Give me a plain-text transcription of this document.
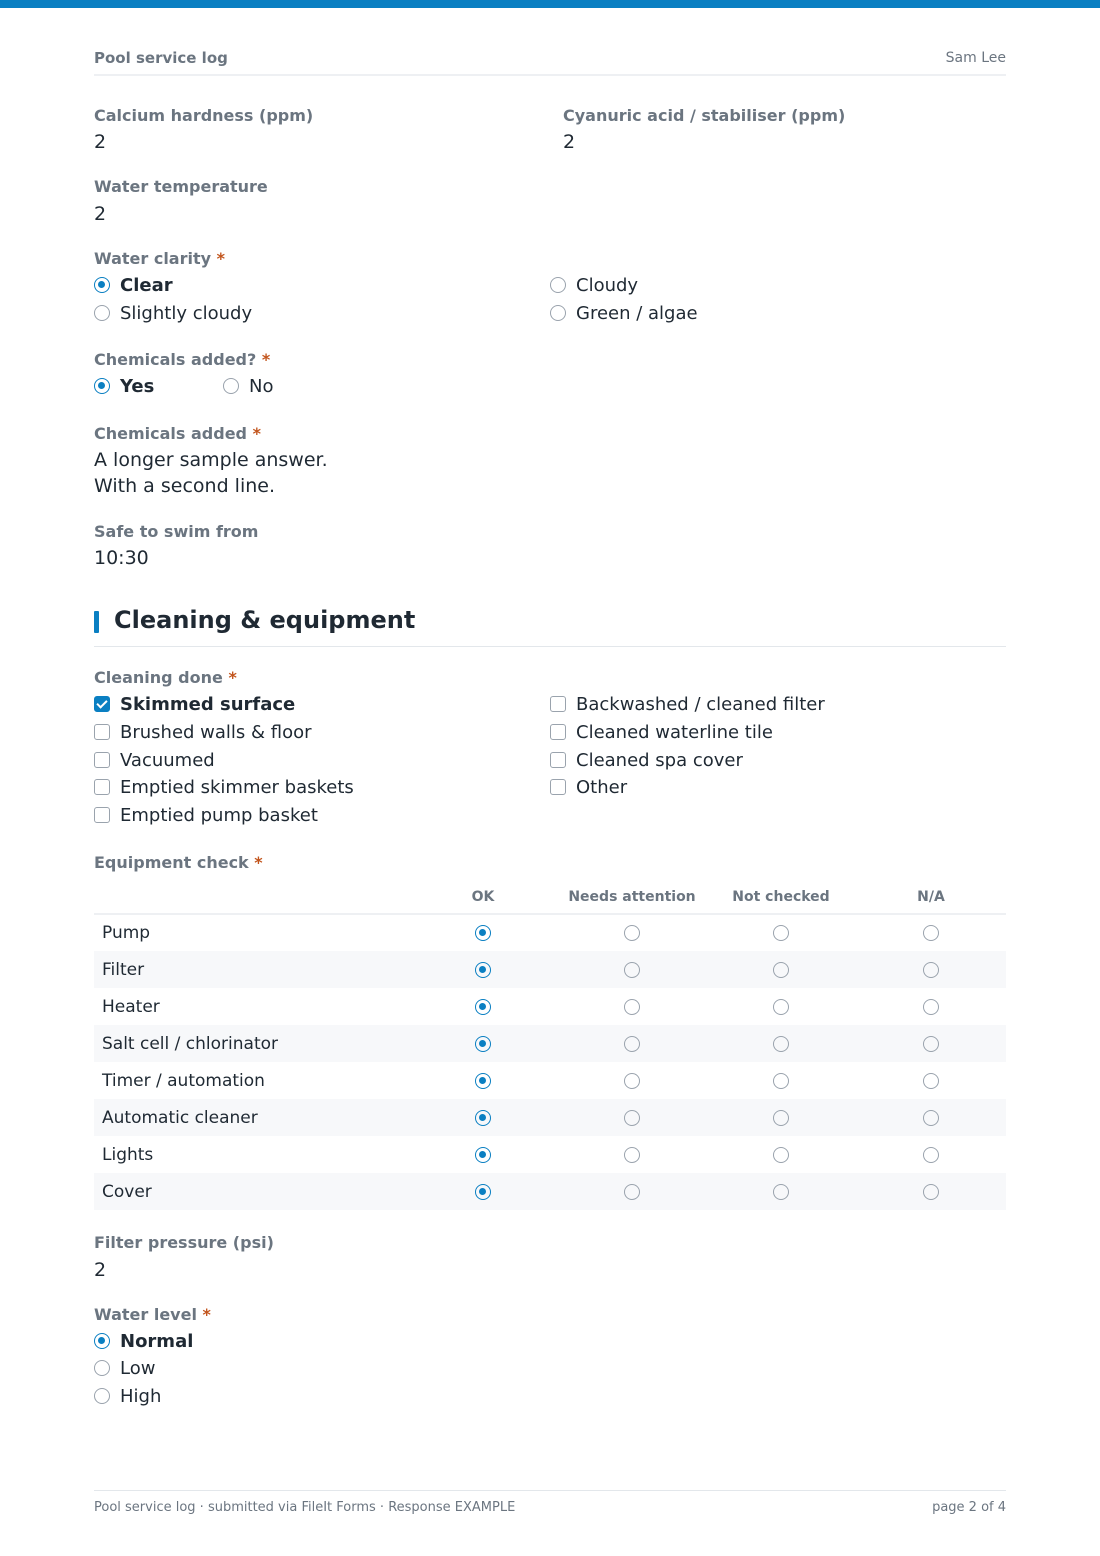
Pool service log	Sam Lee
Calcium hardness (ppm)
2
Cyanuric acid / stabiliser (ppm)
2
Water temperature
2
Water clarity *
Clear	Cloudy
Slightly cloudy	Green / algae
Chemicals added? *
Yes	No
Chemicals added *
A longer sample answer.
With a second line.
Safe to swim from
10:30
Cleaning & equipment
Cleaning done *
Skimmed surface	Backwashed / cleaned filter
Brushed walls & floor	Cleaned waterline tile
Vacuumed	Cleaned spa cover
Emptied skimmer baskets	Other
Emptied pump basket
Equipment check *
	OK	Needs attention	Not checked	N/A
Pump				
Filter				
Heater				
Salt cell / chlorinator				
Timer / automation				
Automatic cleaner				
Lights				
Cover				
Filter pressure (psi)
2
Water level *
Normal
Low
High
Pool service log · submitted via FileIt Forms · Response EXAMPLE	page 2 of 4
